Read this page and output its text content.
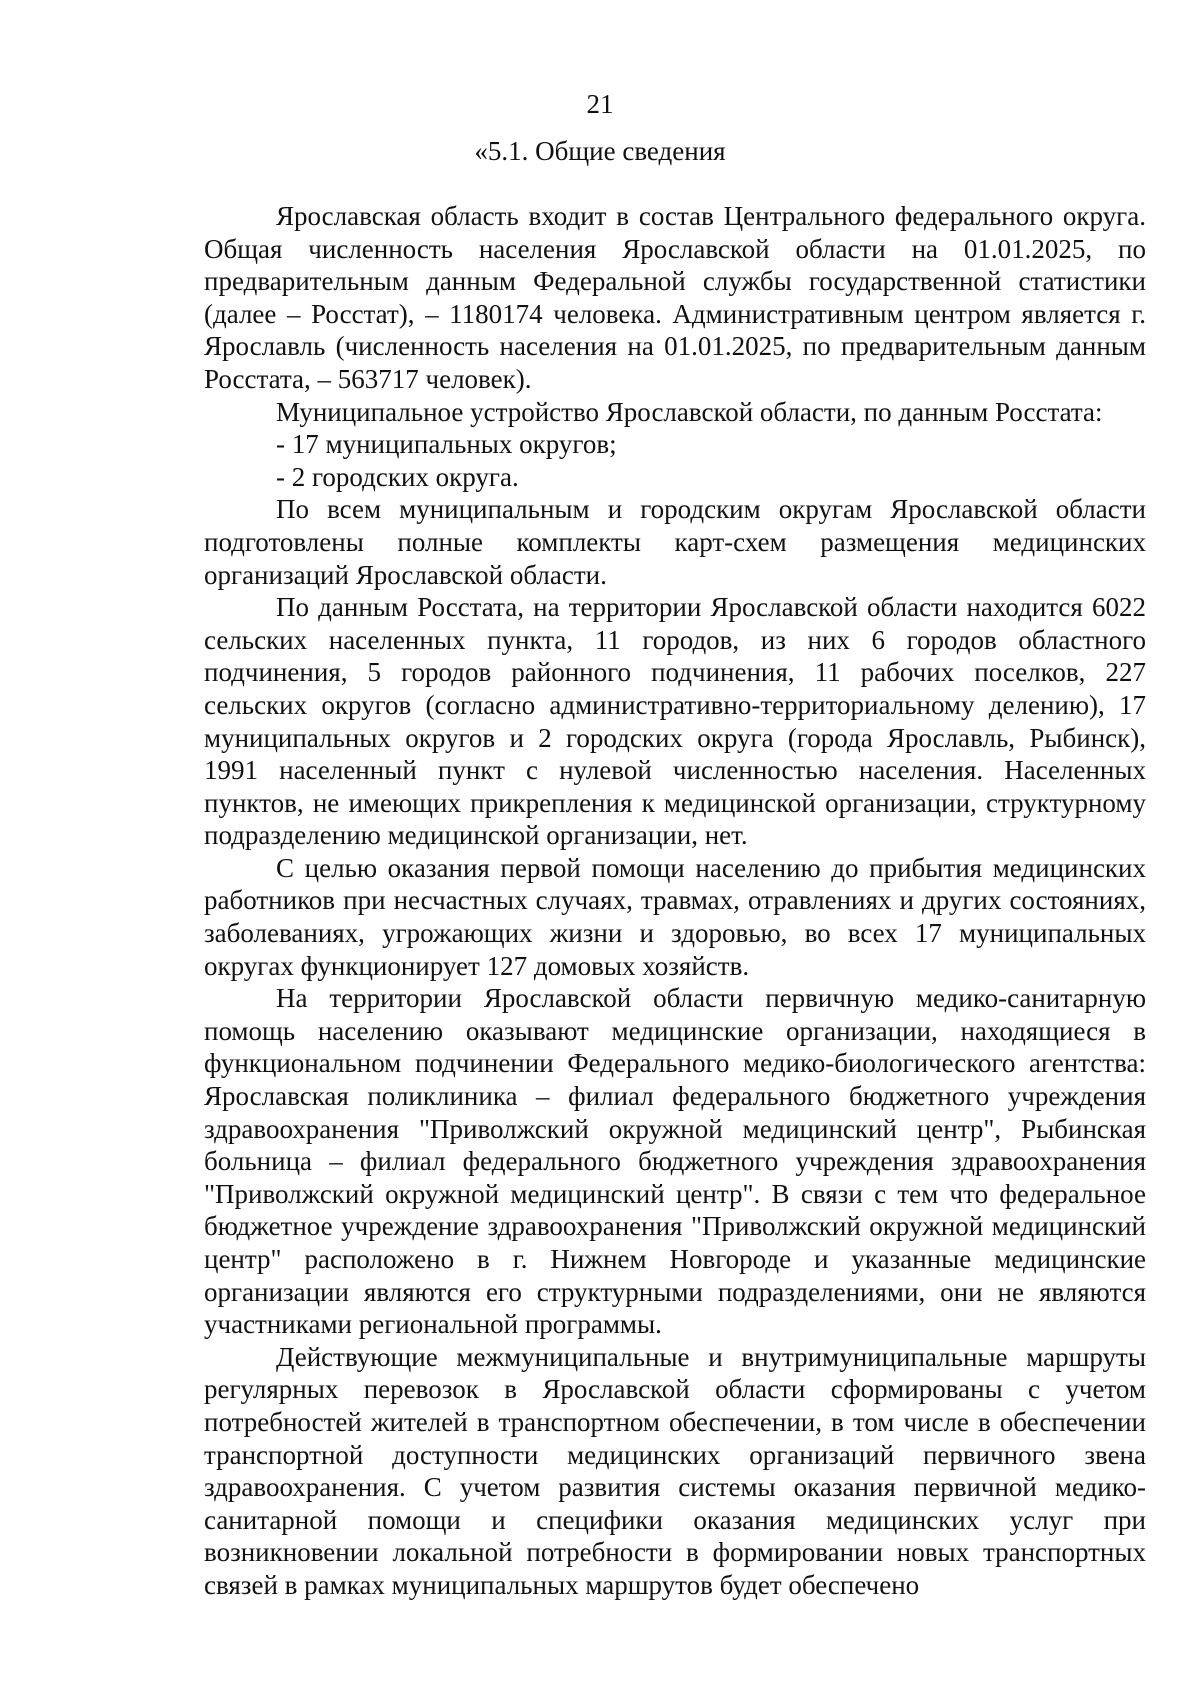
21
«5.1. Общие сведения

Ярославская область входит в состав Центрального федерального округа. Общая численность населения Ярославской области на 01.01.2025, по предварительным данным Федеральной службы государственной статистики (далее – Росстат), – 1180174 человека. Административным центром является г. Ярославль (численность населения на 01.01.2025, по предварительным данным Росстата, – 563717 человек).

Муниципальное устройство Ярославской области, по данным Росстата:

- 17 муниципальных округов;

- 2 городских округа.

По всем муниципальным и городским округам Ярославской области подготовлены полные комплекты карт-схем размещения медицинских организаций Ярославской области.

По данным Росстата, на территории Ярославской области находится 6022 сельских населенных пункта, 11 городов, из них 6 городов областного подчинения, 5 городов районного подчинения, 11 рабочих поселков, 227 сельских округов (согласно административно-территориальному делению), 17 муниципальных округов и 2 городских округа (города Ярославль, Рыбинск), 1991 населенный пункт с нулевой численностью населения. Населенных пунктов, не имеющих прикрепления к медицинской организации, структурному подразделению медицинской организации, нет.

С целью оказания первой помощи населению до прибытия медицинских работников при несчастных случаях, травмах, отравлениях и других состояниях, заболеваниях, угрожающих жизни и здоровью, во всех 17 муниципальных округах функционирует 127 домовых хозяйств.

На территории Ярославской области первичную медико-санитарную помощь населению оказывают медицинские организации, находящиеся в функциональном подчинении Федерального медико-биологического агентства: Ярославская поликлиника – филиал федерального бюджетного учреждения здравоохранения "Приволжский окружной медицинский центр", Рыбинская больница – филиал федерального бюджетного учреждения здравоохранения "Приволжский окружной медицинский центр". В связи с тем что федеральное бюджетное учреждение здравоохранения "Приволжский окружной медицинский центр" расположено в г. Нижнем Новгороде и указанные медицинские организации являются его структурными подразделениями, они не являются участниками региональной программы.

Действующие межмуниципальные и внутримуниципальные маршруты регулярных перевозок в Ярославской области сформированы с учетом потребностей жителей в транспортном обеспечении, в том числе в обеспечении транспортной доступности медицинских организаций первичного звена здравоохранения. С учетом развития системы оказания первичной медико-санитарной помощи и специфики оказания медицинских услуг при возникновении локальной потребности в формировании новых транспортных связей в рамках муниципальных маршрутов будет обеспечено
